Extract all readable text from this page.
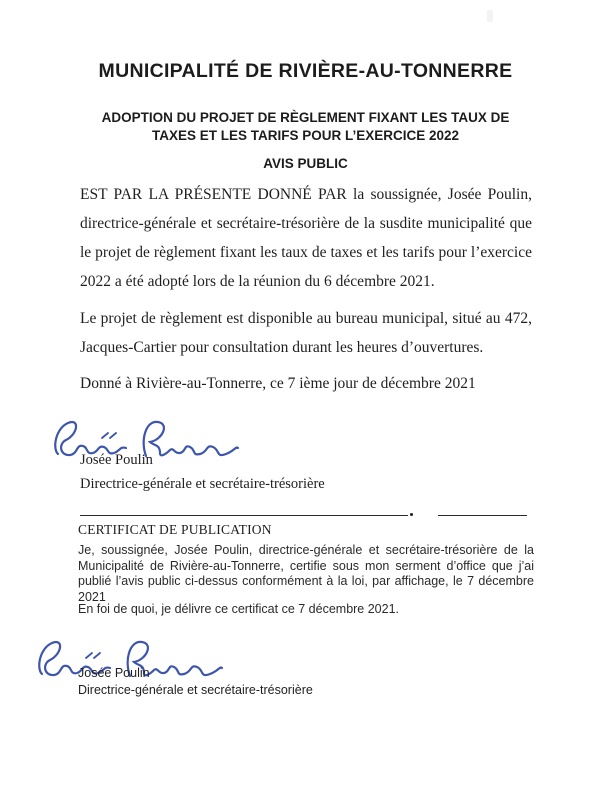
MUNICIPALITÉ DE RIVIÈRE-AU-TONNERRE
ADOPTION DU PROJET DE RÈGLEMENT FIXANT LES TAUX DE TAXES ET LES TARIFS POUR L’EXERCICE 2022
AVIS PUBLIC
EST PAR LA PRÉSENTE DONNÉ PAR la soussignée, Josée Poulin, directrice-générale et secrétaire-trésorière de la susdite municipalité que le projet de règlement fixant les taux de taxes et les tarifs pour l’exercice 2022 a été adopté lors de la réunion du 6 décembre 2021.
Le projet de règlement est disponible au bureau municipal, situé au 472, Jacques-Cartier pour consultation durant les heures d’ouvertures.
Donné à Rivière-au-Tonnerre, ce 7 ième jour de décembre 2021
Josée Poulin
Directrice-générale et secrétaire-trésorière
CERTIFICAT DE PUBLICATION
Je, soussignée, Josée Poulin, directrice-générale et secrétaire-trésorière de la Municipalité de Rivière-au-Tonnerre, certifie sous mon serment d’office que j’ai publié l’avis public ci-dessus conformément à la loi, par affichage, le 7 décembre 2021
En foi de quoi, je délivre ce certificat ce 7 décembre 2021.
Josée Poulin
Directrice-générale et secrétaire-trésorière
